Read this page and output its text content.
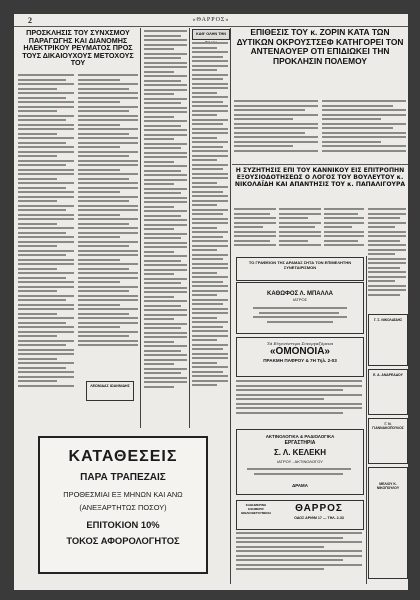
2	«ΘΑΡΡΟΣ»
ΠΡΟΣΚΛΗΣΙΣ ΤΟΥ ΣΥΝΧΣΜΟΥ ΠΑΡΑΓΩΓΗΣ ΚΑΙ ΔΙΑΝΟΜΗΣ ΗΛΕΚΤΡΙΚΟΥ ΡΕΥΜΑΤΟΣ ΠΡΟΣ ΤΟΥΣ ΔΙΚΑΙΟΥΧΟΥΣ ΜΕΤΟΧΟΥΣ ΤΟΥ
ΛΕΩΝΙΔΑΣ ΙΩΑΝΝΙΔΗΣ
ΚΑΘ' ΟΛΗΝ ΤΗΝ	ΕΠΙΘΕΣΙΣ ΤΟΥ κ. ΖΟΡΙΝ ΚΑΤΑ ΤΩΝ ΔΥΤΙΚΩΝ ΟΚΡΟΥΣΤΣΕΦ ΚΑΤΗΓΟΡΕΙ ΤΟΝ ΑΝΤΕΝΑΟΥΕΡ ΟΤΙ ΕΠΙΔΙΩΚΕΙ ΤΗΝ ΠΡΟΚΛΗΣΙΝ ΠΟΛΕΜΟΥ
Η ΣΥΖΗΤΗΣΙΣ ΕΠΙ ΤΟΥ ΚΑΝΝΙΚΟΥ ΕΙΣ ΕΠΙΤΡΟΠΗΝ ΕΞΟΥΣΙΟΔΟΤΗΣΕΩΣ Ο ΛΟΓΟΣ ΤΟΥ ΒΟΥΛΕΥΤΟΥ κ. ΝΙΚΟΛΑΪΔΗ ΚΑΙ ΑΠΑΝΤΗΣΙΣ ΤΟΥ κ. ΠΑΠΑΛΙΓΟΥΡΑ
ΤΟ ΓΡΑΦΕΙΟΝ ΤΗΣ ΔΡΑΜΑΣ ΣΗΤΑ ΤΟΝ ΕΠΙΜΕΛΗΤΗΝ ΣΥΝΕΤΑΙΡΙΣΜΟΝ
ΚΑΘΩΦΟΣ Λ. ΜΠΑΛΛΑ
ΙΑΤΡΟΣ
Τά Εὐγενέστερα Συνεργαζόμενα
«ΟΜΟΝΟΙΑ»
ΠΡΑΚΜΗ ΠΑΦΡΟΥ & 7Η Τηλ. 2-03
Γ. Σ. ΝΙΚΟΛΑΪΔΗΣ
Ε. Α. ΑΝΔΡΕΑΔΟΥ
Γ. Ν. ΓΙΑΝΝΑΚΟΠΟΥΛΟΣ
ΜΕΛΙΟΥ Κ. ΝΙΚΟΠΟΥΛΟΥ
ΚΑΤΑΘΕΣΕΙΣ
ΠΑΡΑ ΤΡΑΠΕΖΑΙΣ
ΠΡΟΘΕΣΜΙΑΙ ΕΞ ΜΗΝΩΝ ΚΑΙ ΑΝΩ
(ΑΝΕΞΑΡΤΗΤΩΣ ΠΟΣΟΥ)
ΕΠΙΤΟΚΙΟΝ 10%
ΤΟΚΟΣ ΑΦΟΡΟΛΟΓΗΤΟΣ
ΑΚΤΙΝΟΛΟΓΙΚΑ & ΡΑΔΙΟΛΟΓΙΚΑ
ΕΡΓΑΣΤΗΡΙΑ
Σ. Λ. ΚΕΛΕΚΗ
ΙΑΤΡΟΥ - ΑΚΤΙΝΟΛΟΓΟΥ
ΔΡΑΜΑ
ΚΑΘΗΜΕΡΙΝΗ ΕΦΗΜΕΡΙΣ ΒΙΒΛΙΟΘΕΤΟΥΜΕΝΗ	ΘΑΡΡΟΣ
ΟΔΟΣ ΑΡΙΘΜ 17 — ΤΗΛ. 2-33
